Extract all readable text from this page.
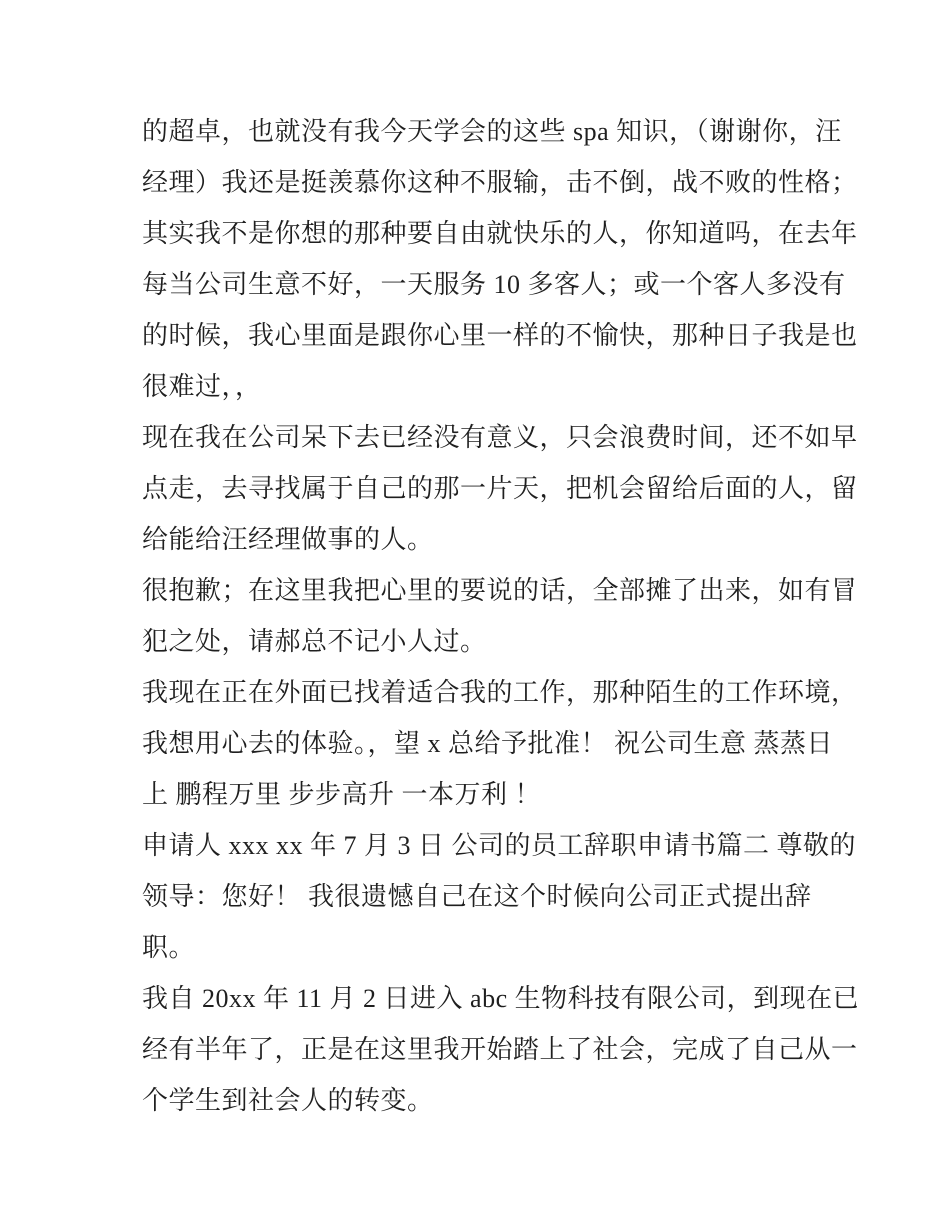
的超卓，也就没有我今天学会的这些 spa 知识，（谢谢你，汪
经理）我还是挺羡慕你这种不服输，击不倒，战不败的性格；
其实我不是你想的那种要自由就快乐的人，你知道吗，在去年
每当公司生意不好，一天服务 10 多客人；或一个客人多没有
的时候，我心里面是跟你心里一样的不愉快，那种日子我是也
很难过，，
现在我在公司呆下去已经没有意义，只会浪费时间，还不如早
点走，去寻找属于自己的那一片天，把机会留给后面的人，留
给能给汪经理做事的人。
很抱歉；在这里我把心里的要说的话，全部摊了出来，如有冒
犯之处，请郝总不记小人过。
我现在正在外面已找着适合我的工作，那种陌生的工作环境，
我想用心去的体验。，望 x 总给予批准！ 祝公司生意 蒸蒸日
上 鹏程万里 步步高升 一本万利 ！
申请人 xxx xx 年 7 月 3 日 公司的员工辞职申请书篇二 尊敬的
领导：您好！ 我很遗憾自己在这个时候向公司正式提出辞
职。
我自 20xx 年 11 月 2 日进入 abc 生物科技有限公司，到现在已
经有半年了，正是在这里我开始踏上了社会，完成了自己从一
个学生到社会人的转变。
